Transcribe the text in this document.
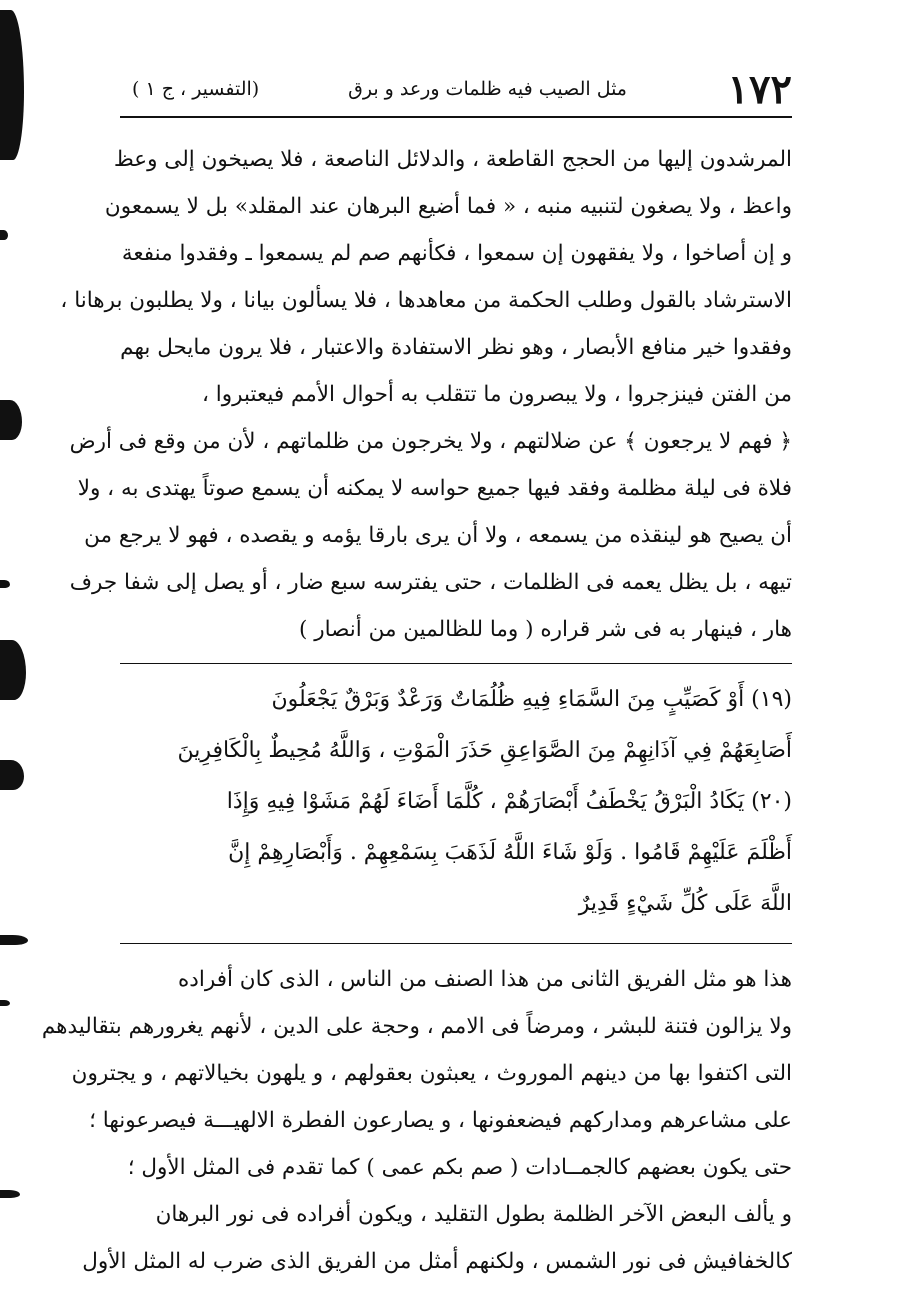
١٧٢
مثل الصيب فيه ظلمات ورعد و برق
(التفسير ، ج ١ )

المرشدون إليها من الحجج القاطعة ، والدلائل الناصعة ، فلا يصيخون إلى وعظ

واعظ ، ولا يصغون لتنبيه منبه ، « فما أضيع البرهان عند المقلد» بل لا يسمعون

و إن أصاخوا ، ولا يفقهون إن سمعوا ، فكأنهم صم لم يسمعوا ـ وفقدوا منفعة

الاسترشاد بالقول وطلب الحكمة من معاهدها ، فلا يسألون بيانا ، ولا يطلبون برهانا ،

وفقدوا خير منافع الأبصار ، وهو نظر الاستفادة والاعتبار ، فلا يرون مايحل بهم

من الفتن فينزجروا ، ولا يبصرون ما تتقلب به أحوال الأمم فيعتبروا ،

﴿ فهم لا يرجعون ﴾ عن ضلالتهم ، ولا يخرجون من ظلماتهم ، لأن من وقع فى أرض

فلاة فى ليلة مظلمة وفقد فيها جميع حواسه لا يمكنه أن يسمع صوتاً يهتدى به ، ولا

أن يصيح هو لينقذه من يسمعه ، ولا أن يرى بارقا يؤمه و يقصده ، فهو لا يرجع من

تيهه ، بل يظل يعمه فى الظلمات ، حتى يفترسه سبع ضار ، أو يصل إلى شفا جرف

هار ، فينهار به فى شر قراره ( وما للظالمين من أنصار )

(١٩) أَوْ كَصَيِّبٍ مِنَ السَّمَاءِ فِيهِ ظُلُمَاتٌ وَرَعْدٌ وَبَرْقٌ يَجْعَلُونَ

أَصَابِعَهُمْ فِي آذَانِهِمْ مِنَ الصَّوَاعِقِ حَذَرَ الْمَوْتِ ، وَاللَّهُ مُحِيطٌ بِالْكَافِرِينَ

(٢٠) يَكَادُ الْبَرْقُ يَخْطَفُ أَبْصَارَهُمْ ، كُلَّمَا أَضَاءَ لَهُمْ مَشَوْا فِيهِ وَإِذَا

أَظْلَمَ عَلَيْهِمْ قَامُوا . وَلَوْ شَاءَ اللَّهُ لَذَهَبَ بِسَمْعِهِمْ . وَأَبْصَارِهِمْ إِنَّ

اللَّهَ عَلَى كُلِّ شَيْءٍ قَدِيرٌ

هذا هو مثل الفريق الثانى من هذا الصنف من الناس ، الذى كان أفراده

ولا يزالون فتنة للبشر ، ومرضاً فى الامم ، وحجة على الدين ، لأنهم يغرورهم بتقاليدهم

التى اكتفوا بها من دينهم الموروث ، يعبثون بعقولهم ، و يلهون بخيالاتهم ، و يجترون

على مشاعرهم ومداركهم فيضعفونها ، و يصارعون الفطرة الالهيـــة فيصرعونها ؛

حتى يكون بعضهم كالجمــادات ( صم بكم عمى ) كما تقدم فى المثل الأول ؛

و يألف البعض الآخر الظلمة بطول التقليد ، ويكون أفراده فى نور البرهان

كالخفافيش فى نور الشمس ، ولكنهم أمثل من الفريق الذى ضرب له المثل الأول
